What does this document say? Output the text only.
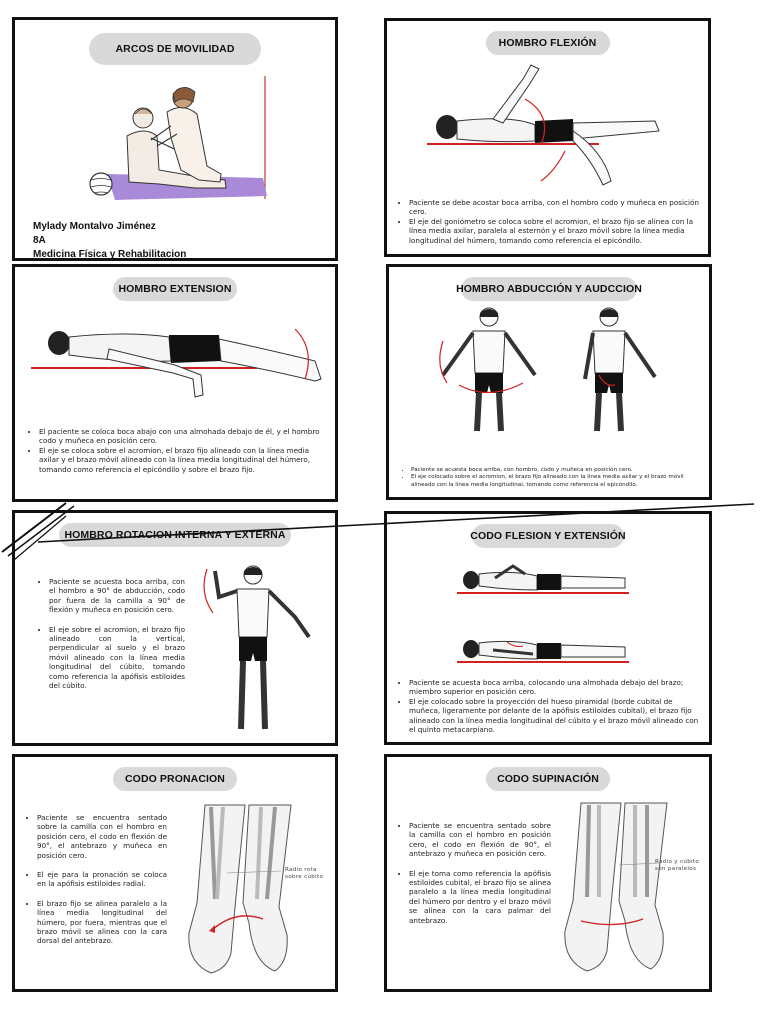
ARCOS DE MOVILIDAD
Mylady Montalvo Jiménez
8A
Medicina Física y Rehabilitacion
HOMBRO FLEXIÓN
• Paciente se debe acostar boca arriba, con el hombro codo y muñeca en posición cero.
• El eje del goniómetro se coloca sobre el acromion, el brazo fijo se alinea con la línea media axilar, paralela al esternón y el brazo móvil sobre la línea media longitudinal del húmero, tomando como referencia el epicóndilo.
HOMBRO EXTENSION
• El paciente se coloca boca abajo con una almohada debajo de él, y el hombro codo y muñeca en posición cero.
• El eje se coloca sobre el acromion, el brazo fijo alineado con la línea media axilar y el brazo móvil alineado con la línea media longitudinal del húmero, tomando como referencia el epicóndilo y sobre el brazo fijo.
HOMBRO ABDUCCIÓN Y AUDCCION
• Paciente se acuesta boca arriba, con hombro, codo y muñeca en posición cero.
• El eje colocado sobre el acromion, el brazo fijo alineado con la línea media axilar y el brazo móvil alineado con la línea media longitudinal, tomando como referencia el epicóndilo.
HOMBRO ROTACION INTERNA Y EXTERNA
• Paciente se acuesta boca arriba, con el hombro a 90° de abducción, codo por fuera de la camilla a 90° de flexión y muñeca en posición cero.
• El eje sobre el acromion, el brazo fijo alineado con la vertical, perpendicular al suelo y el brazo móvil alineado con la línea media longitudinal del cúbito, tomando como referencia la apófisis estiloides del cúbito.
CODO FLESION Y EXTENSIÓN
• Paciente se acuesta boca arriba, colocando una almohada debajo del brazo; miembro superior en posición cero.
• El eje colocado sobre la proyección del hueso piramidal (borde cubital de muñeca, ligeramente por delante de la apófisis estiloides cubital), el brazo fijo alineado con la línea media longitudinal del cúbito y el brazo móvil alineado con el quinto metacarpiano.
CODO PRONACION
• Paciente se encuentra sentado sobre la camilla con el hombro en posición cero, el codo en flexión de 90°, el antebrazo y muñeca en posición cero.
• El eje para la pronación se coloca en la apófisis estiloides radial.
• El brazo fijo se alinea paralelo a la línea media longitudinal del húmero, por fuera, mientras que el brazo móvil se alinea con la cara dorsal del antebrazo.
Radio rota
sobre cúbito
CODO SUPINACIÓN
• Paciente se encuentra sentado sobre la camilla con el hombro en posición cero, el codo en flexión de 90°, el antebrazo y muñeca en posición cero.
• El eje toma como referencia la apófisis estiloides cubital, el brazo fijo se alinea paralelo a la línea media longitudinal del húmero por dentro y el brazo móvil se alinea con la cara palmar del antebrazo.
Radio y cúbito
son paralelos
